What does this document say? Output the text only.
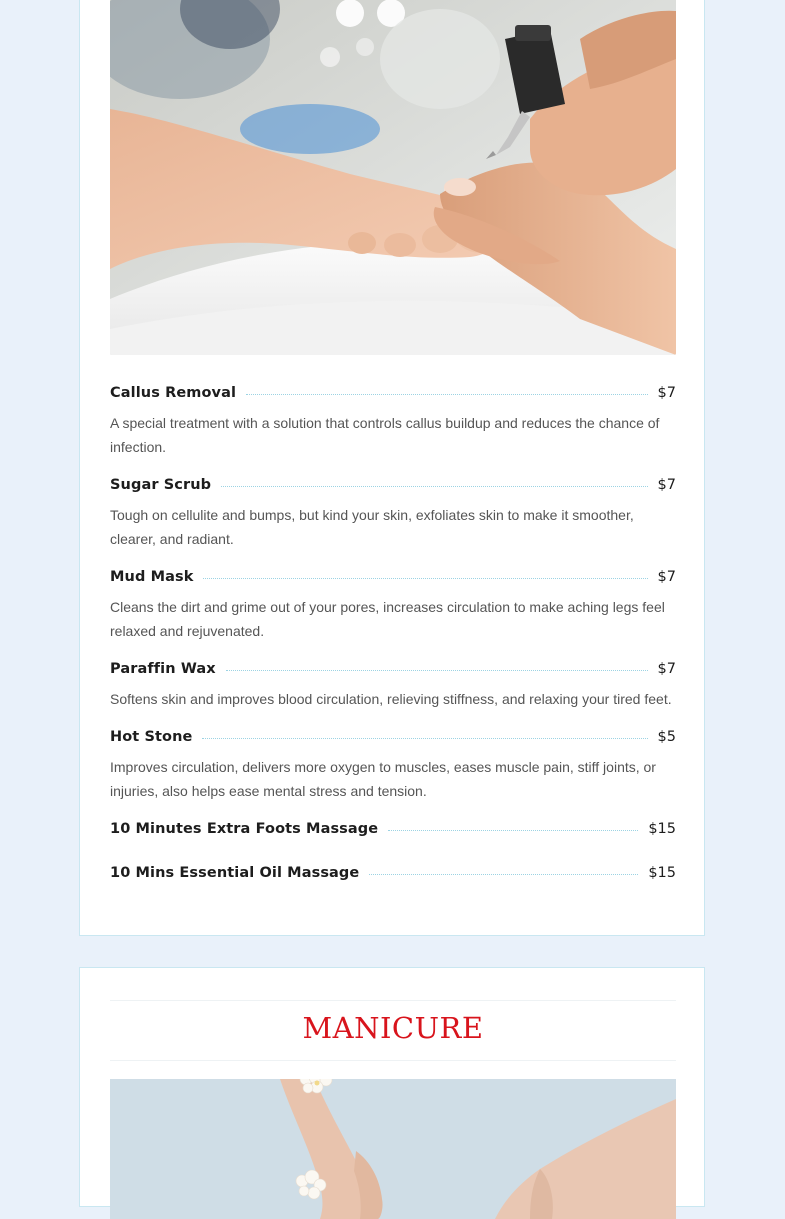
Callus Removal	$7
A special treatment with a solution that controls callus buildup and reduces the chance of infection.
Sugar Scrub	$7
Tough on cellulite and bumps, but kind your skin, exfoliates skin to make it smoother, clearer, and radiant.
Mud Mask	$7
Cleans the dirt and grime out of your pores, increases circulation to make aching legs feel relaxed and rejuvenated.
Paraffin Wax	$7
Softens skin and improves blood circulation, relieving stiffness, and relaxing your tired feet.
Hot Stone	$5
Improves circulation, delivers more oxygen to muscles, eases muscle pain, stiff joints, or injuries, also helps ease mental stress and tension.
10 Minutes Extra Foots Massage	$15
10 Mins Essential Oil Massage	$15
MANICURE
